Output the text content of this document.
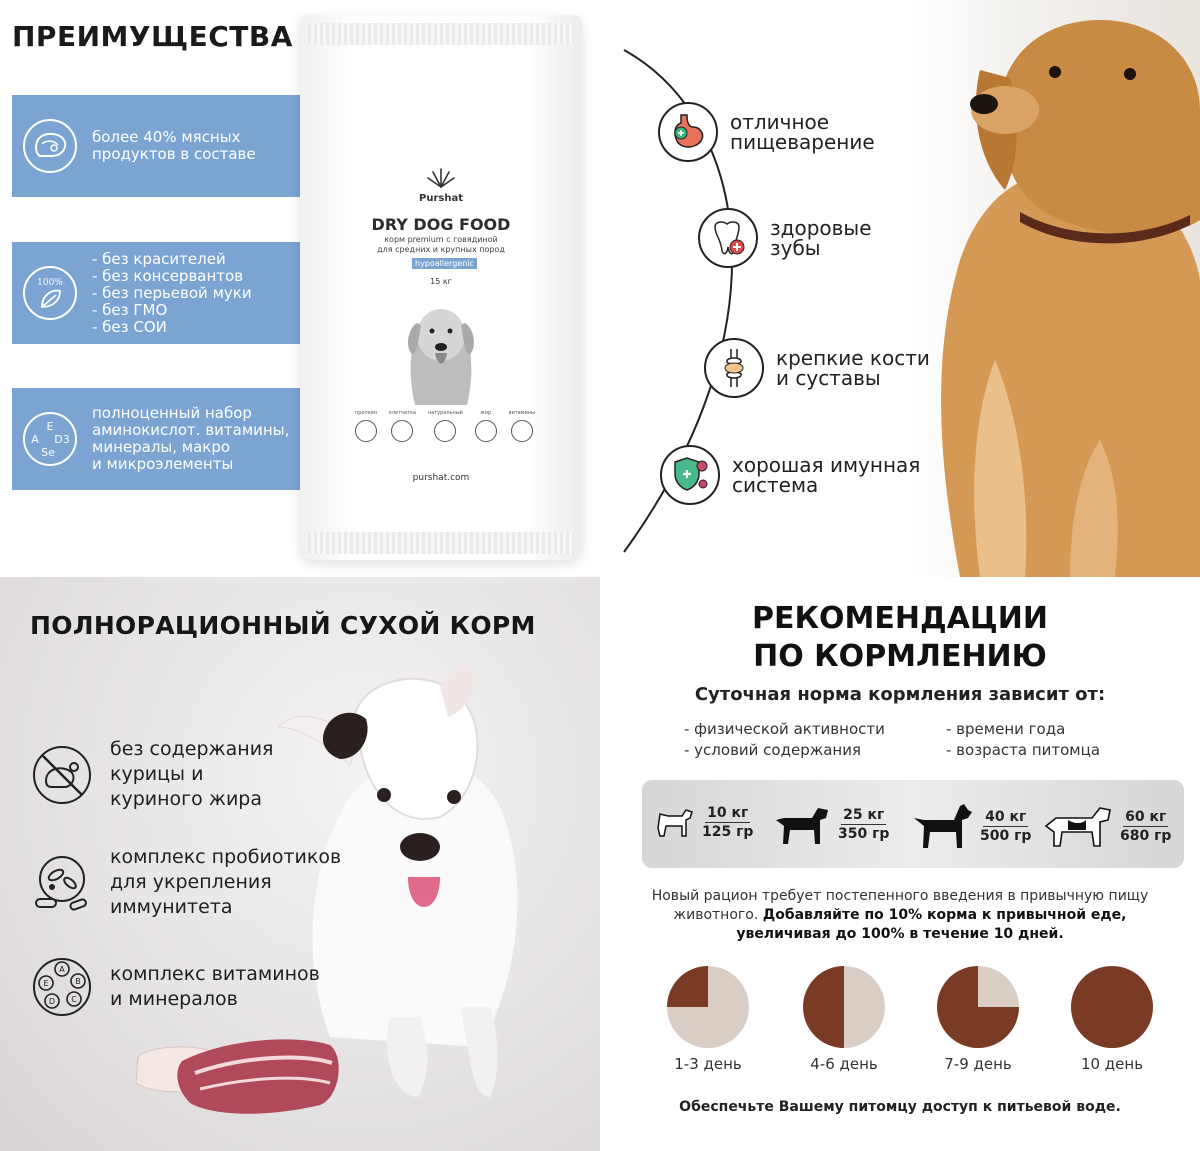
ПРЕИМУЩЕСТВА
более 40% мясных
продуктов в составе
100%
- без красителей
- без консервантов
- без перьевой муки
- без ГМО
- без СОИ
E
A D3
Se
полноценный набор
аминокислот. витамины,
минералы, макро
и микроэлементы
Purshat
DRY DOG FOOD
корм premium с говядиной
для средних и крупных пород
hypoallergenic
15 кг
протеин клетчатка натуральный	жир	витамины
purshat.com
отличное
пищеварение
здоровые
зубы
крепкие кости
и суставы
хорошая имунная
система
ПОЛНОРАЦИОННЫЙ СУХОЙ КОРМ
без содержания
курицы и
куриного жира
комплекс пробиотиков
для укрепления
иммунитета
A
B
C
D
E	комплекс витаминов
и минералов
РЕКОМЕНДАЦИИ
ПО КОРМЛЕНИЮ
Суточная норма кормления зависит от:
- физической активности
- условий содержания
- времени года
- возраста питомца
10 кг
125 гр
25 кг
350 гр
40 кг
500 гр
60 кг
680 гр
Новый рацион требует постепенного введения в привычную пищу животного. Добавляйте по 10% корма к привычной еде, увеличивая до 100% в течение 10 дней.
1-3 день	4-6 день	7-9 день	10 день
Обеспечьте Вашему питомцу доступ к питьевой воде.
